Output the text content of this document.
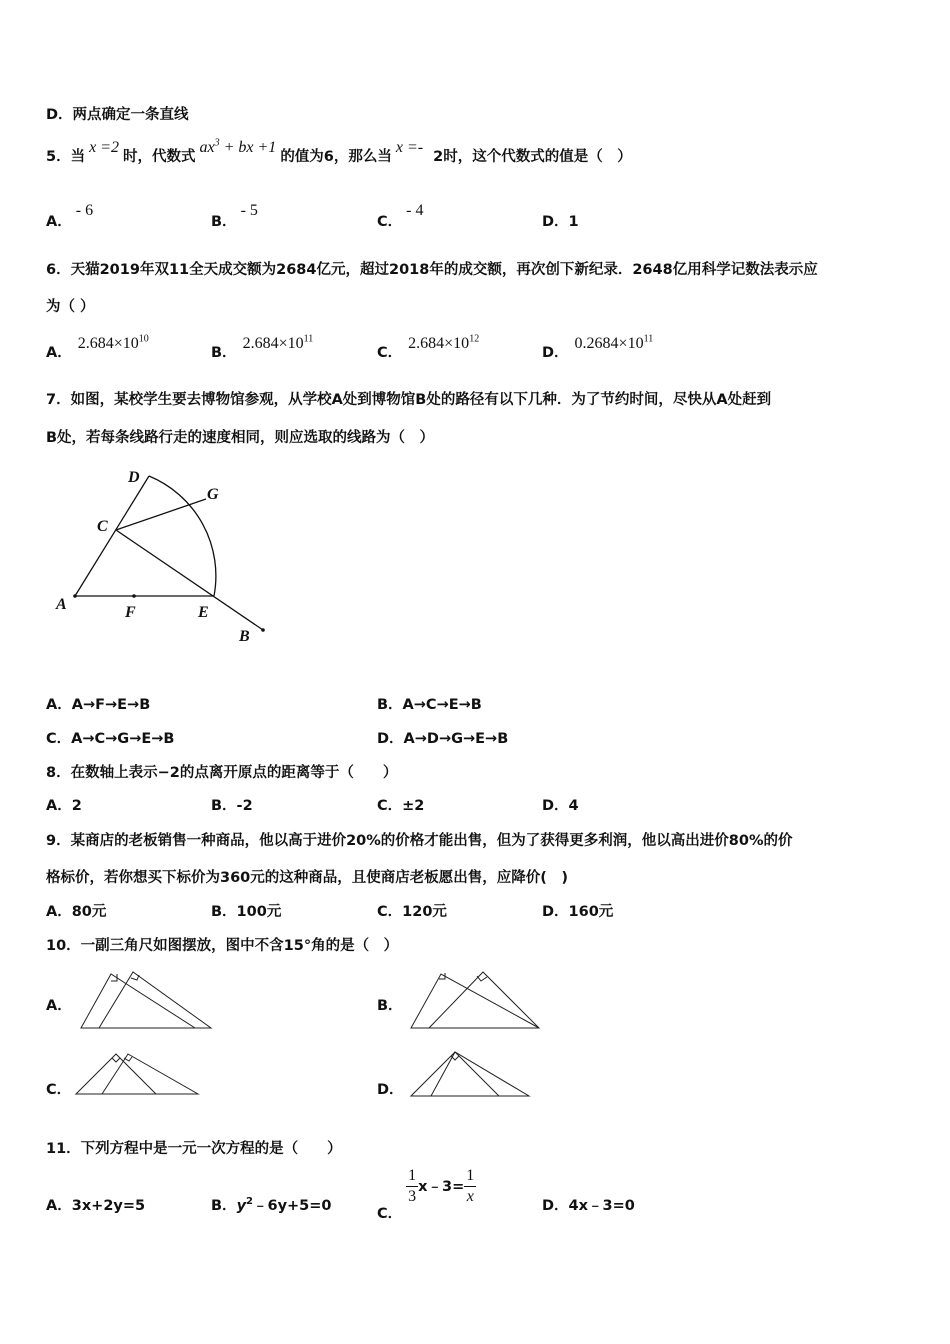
D．两点确定一条直线
5．当x =2时，代数式$ax^3$ + bx +1的值为6，那么当x =-2时，这个代数式的值是（　）
A．- 6
B．- 5
C．- 4
D．1
6．天猫2019年双11全天成交额为2684亿元，超过2018年的成交额，再次创下新纪录．2648亿用科学记数法表示应
为（ ）
A．$2.684\times 10^{10}$
B．$2.684\times 10^{11}$
C．$2.684\times 10^{12}$
D．$0.2684\times 10^{11}$
7．如图，某校学生要去博物馆参观，从学校A处到博物馆B处的路径有以下几种．为了节约时间，尽快从A处赶到
B处，若每条线路行走的速度相同，则应选取的线路为（　）
D
G
C
A	F	E
B
A．A→F→E→B	B．A→C→E→B
C．A→C→G→E→B	D．A→D→G→E→B
8．在数轴上表示−2的点离开原点的距离等于（　　）
A．2	B．-2	C．±2	D．4
9．某商店的老板销售一种商品，他以高于进价20%的价格才能出售，但为了获得更多利润，他以高出进价80%的价
格标价，若你想买下标价为360元的这种商品，且使商店老板愿出售，应降价(　)
A．80元	B．100元	C．120元	D．160元
10．一副三角尺如图摆放，图中不含15°角的是（　）
A．	B．
C．	D．
11．下列方程中是一元一次方程的是（　　）
A．3x+2y=5	B．$y^2﹣6y+5=0$	C．
$\frac{1}{3}$ x﹣3= $\frac{1}{x}$
D．4x﹣3=0
